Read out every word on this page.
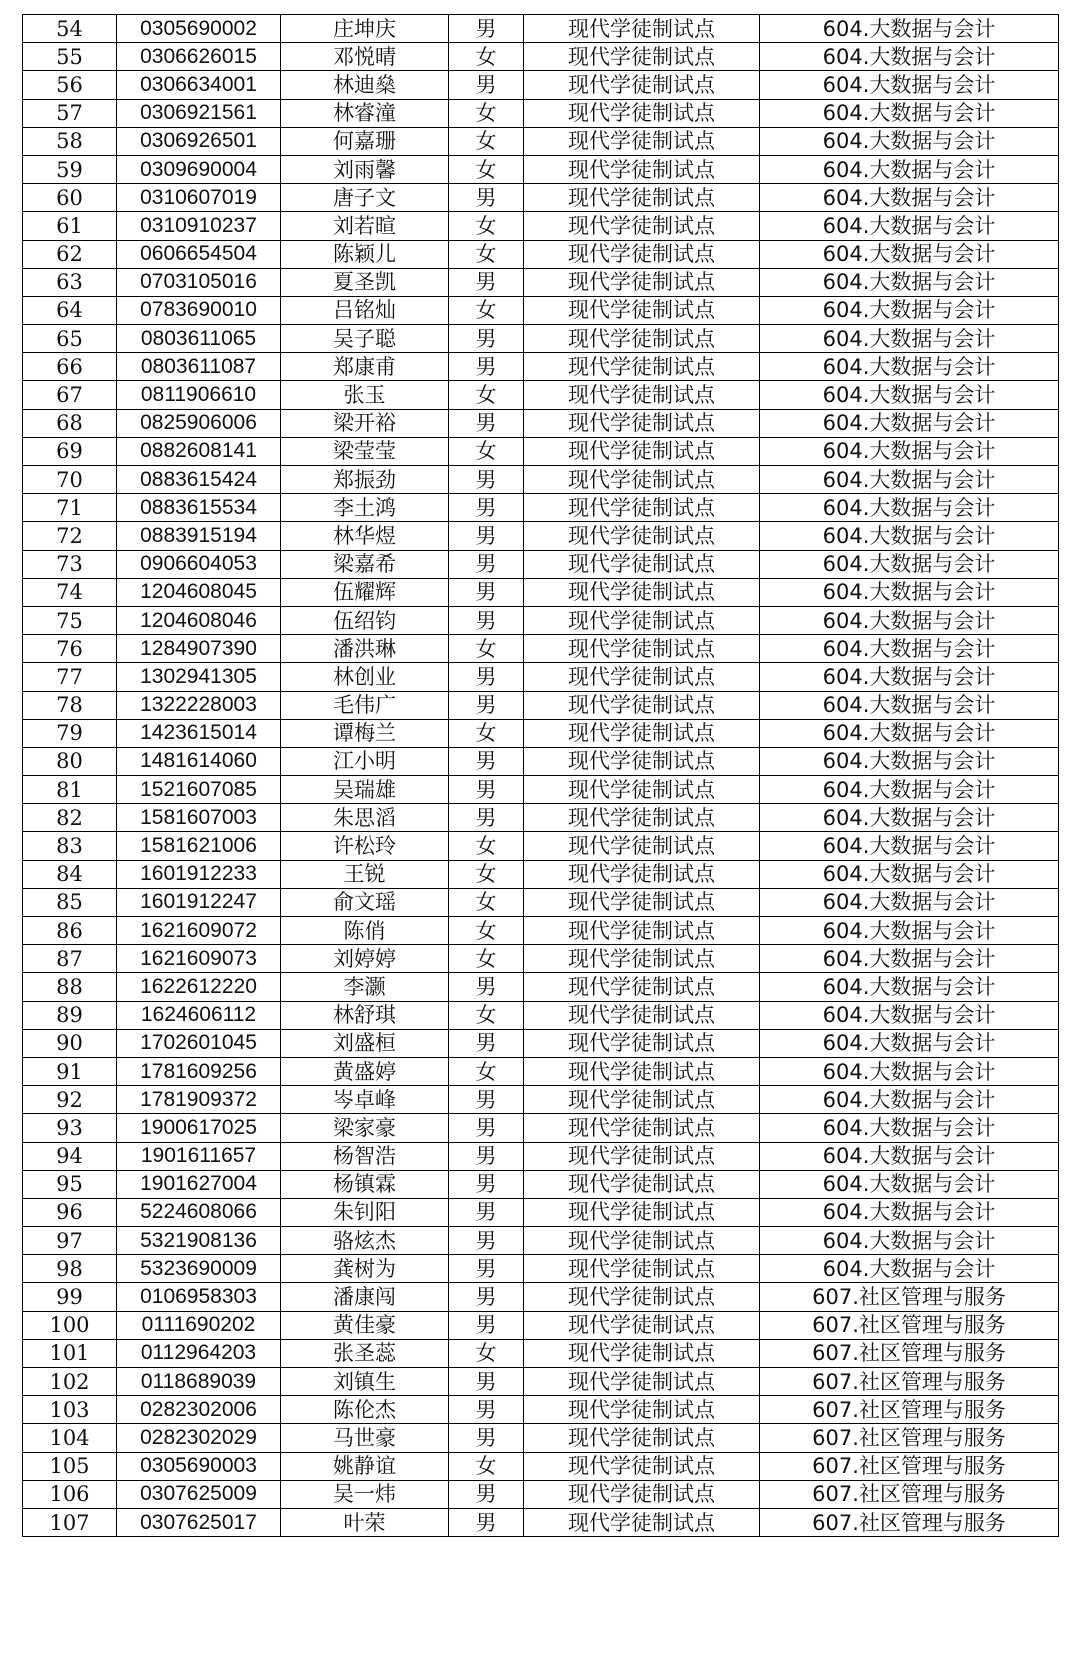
54	0305690002	庄坤庆	男	现代学徒制试点	604.大数据与会计
55	0306626015	邓悦晴	女	现代学徒制试点	604.大数据与会计
56	0306634001	林迪燊	男	现代学徒制试点	604.大数据与会计
57	0306921561	林睿潼	女	现代学徒制试点	604.大数据与会计
58	0306926501	何嘉珊	女	现代学徒制试点	604.大数据与会计
59	0309690004	刘雨馨	女	现代学徒制试点	604.大数据与会计
60	0310607019	唐子文	男	现代学徒制试点	604.大数据与会计
61	0310910237	刘若暄	女	现代学徒制试点	604.大数据与会计
62	0606654504	陈颖儿	女	现代学徒制试点	604.大数据与会计
63	0703105016	夏圣凯	男	现代学徒制试点	604.大数据与会计
64	0783690010	吕铭灿	女	现代学徒制试点	604.大数据与会计
65	0803611065	吴子聪	男	现代学徒制试点	604.大数据与会计
66	0803611087	郑康甫	男	现代学徒制试点	604.大数据与会计
67	0811906610	张玉	女	现代学徒制试点	604.大数据与会计
68	0825906006	梁开裕	男	现代学徒制试点	604.大数据与会计
69	0882608141	梁莹莹	女	现代学徒制试点	604.大数据与会计
70	0883615424	郑振劲	男	现代学徒制试点	604.大数据与会计
71	0883615534	李土鸿	男	现代学徒制试点	604.大数据与会计
72	0883915194	林华煜	男	现代学徒制试点	604.大数据与会计
73	0906604053	梁嘉希	男	现代学徒制试点	604.大数据与会计
74	1204608045	伍耀辉	男	现代学徒制试点	604.大数据与会计
75	1204608046	伍绍钧	男	现代学徒制试点	604.大数据与会计
76	1284907390	潘洪琳	女	现代学徒制试点	604.大数据与会计
77	1302941305	林创业	男	现代学徒制试点	604.大数据与会计
78	1322228003	毛伟广	男	现代学徒制试点	604.大数据与会计
79	1423615014	谭梅兰	女	现代学徒制试点	604.大数据与会计
80	1481614060	江小明	男	现代学徒制试点	604.大数据与会计
81	1521607085	吴瑞雄	男	现代学徒制试点	604.大数据与会计
82	1581607003	朱思滔	男	现代学徒制试点	604.大数据与会计
83	1581621006	许松玲	女	现代学徒制试点	604.大数据与会计
84	1601912233	王锐	女	现代学徒制试点	604.大数据与会计
85	1601912247	俞文瑶	女	现代学徒制试点	604.大数据与会计
86	1621609072	陈俏	女	现代学徒制试点	604.大数据与会计
87	1621609073	刘婷婷	女	现代学徒制试点	604.大数据与会计
88	1622612220	李灏	男	现代学徒制试点	604.大数据与会计
89	1624606112	林舒琪	女	现代学徒制试点	604.大数据与会计
90	1702601045	刘盛桓	男	现代学徒制试点	604.大数据与会计
91	1781609256	黄盛婷	女	现代学徒制试点	604.大数据与会计
92	1781909372	岑卓峰	男	现代学徒制试点	604.大数据与会计
93	1900617025	梁家豪	男	现代学徒制试点	604.大数据与会计
94	1901611657	杨智浩	男	现代学徒制试点	604.大数据与会计
95	1901627004	杨镇霖	男	现代学徒制试点	604.大数据与会计
96	5224608066	朱钊阳	男	现代学徒制试点	604.大数据与会计
97	5321908136	骆炫杰	男	现代学徒制试点	604.大数据与会计
98	5323690009	龚树为	男	现代学徒制试点	604.大数据与会计
99	0106958303	潘康闯	男	现代学徒制试点	607.社区管理与服务
100	0111690202	黄佳豪	男	现代学徒制试点	607.社区管理与服务
101	0112964203	张圣蕊	女	现代学徒制试点	607.社区管理与服务
102	0118689039	刘镇生	男	现代学徒制试点	607.社区管理与服务
103	0282302006	陈伦杰	男	现代学徒制试点	607.社区管理与服务
104	0282302029	马世豪	男	现代学徒制试点	607.社区管理与服务
105	0305690003	姚静谊	女	现代学徒制试点	607.社区管理与服务
106	0307625009	吴一炜	男	现代学徒制试点	607.社区管理与服务
107	0307625017	叶荣	男	现代学徒制试点	607.社区管理与服务
